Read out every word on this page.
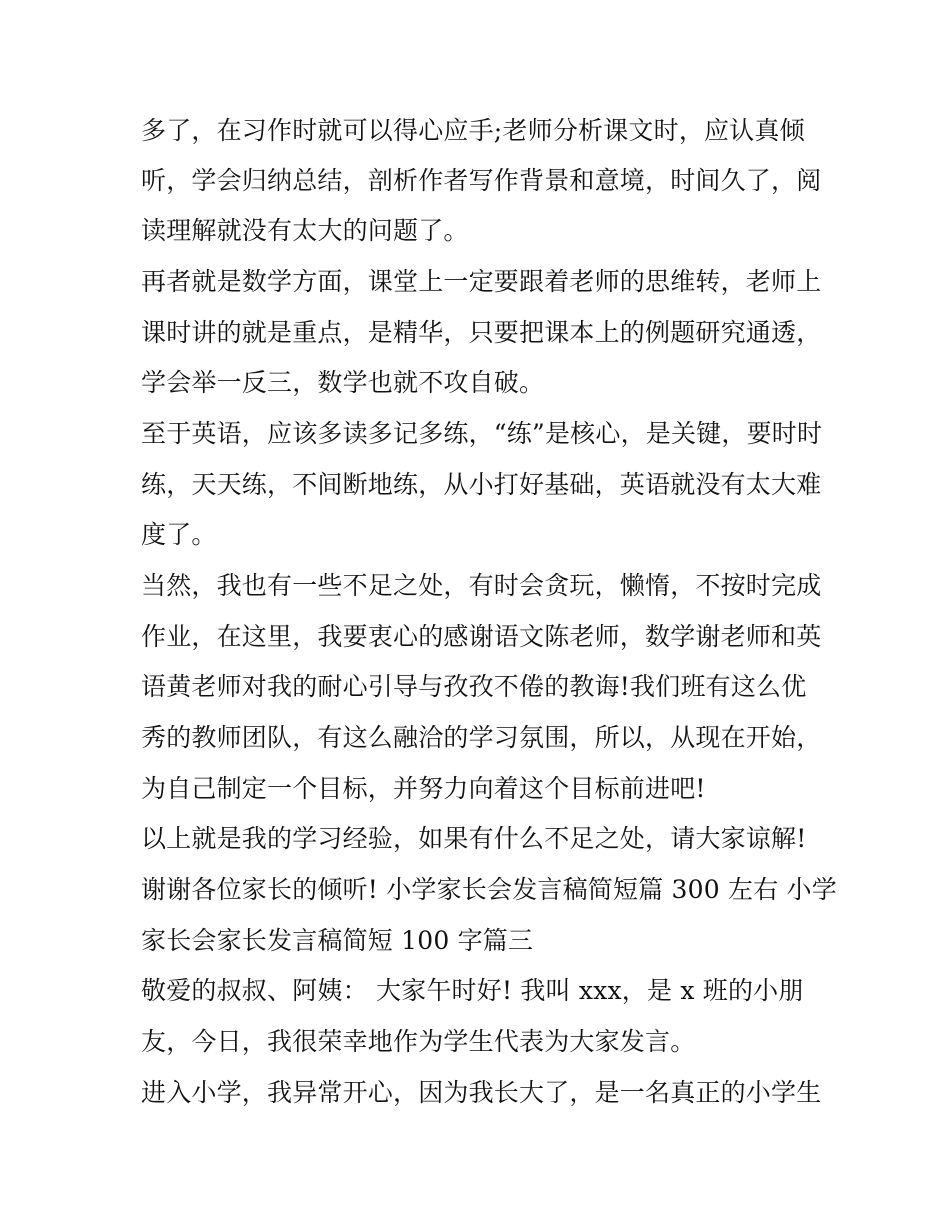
多了，在习作时就可以得心应手;老师分析课文时，应认真倾
听，学会归纳总结，剖析作者写作背景和意境，时间久了，阅
读理解就没有太大的问题了。
再者就是数学方面，课堂上一定要跟着老师的思维转，老师上
课时讲的就是重点，是精华，只要把课本上的例题研究通透，
学会举一反三，数学也就不攻自破。
至于英语，应该多读多记多练，“练”是核心，是关键，要时时
练，天天练，不间断地练，从小打好基础，英语就没有太大难
度了。
当然，我也有一些不足之处，有时会贪玩，懒惰，不按时完成
作业，在这里，我要衷心的感谢语文陈老师，数学谢老师和英
语黄老师对我的耐心引导与孜孜不倦的教诲!我们班有这么优
秀的教师团队，有这么融洽的学习氛围，所以，从现在开始，
为自己制定一个目标，并努力向着这个目标前进吧!
以上就是我的学习经验，如果有什么不足之处，请大家谅解!
谢谢各位家长的倾听! 小学家长会发言稿简短篇 300 左右 小学
家长会家长发言稿简短 100 字篇三
敬爱的叔叔、阿姨： 大家午时好! 我叫 xxx，是 x 班的小朋
友，今日，我很荣幸地作为学生代表为大家发言。
进入小学，我异常开心，因为我长大了，是一名真正的小学生
